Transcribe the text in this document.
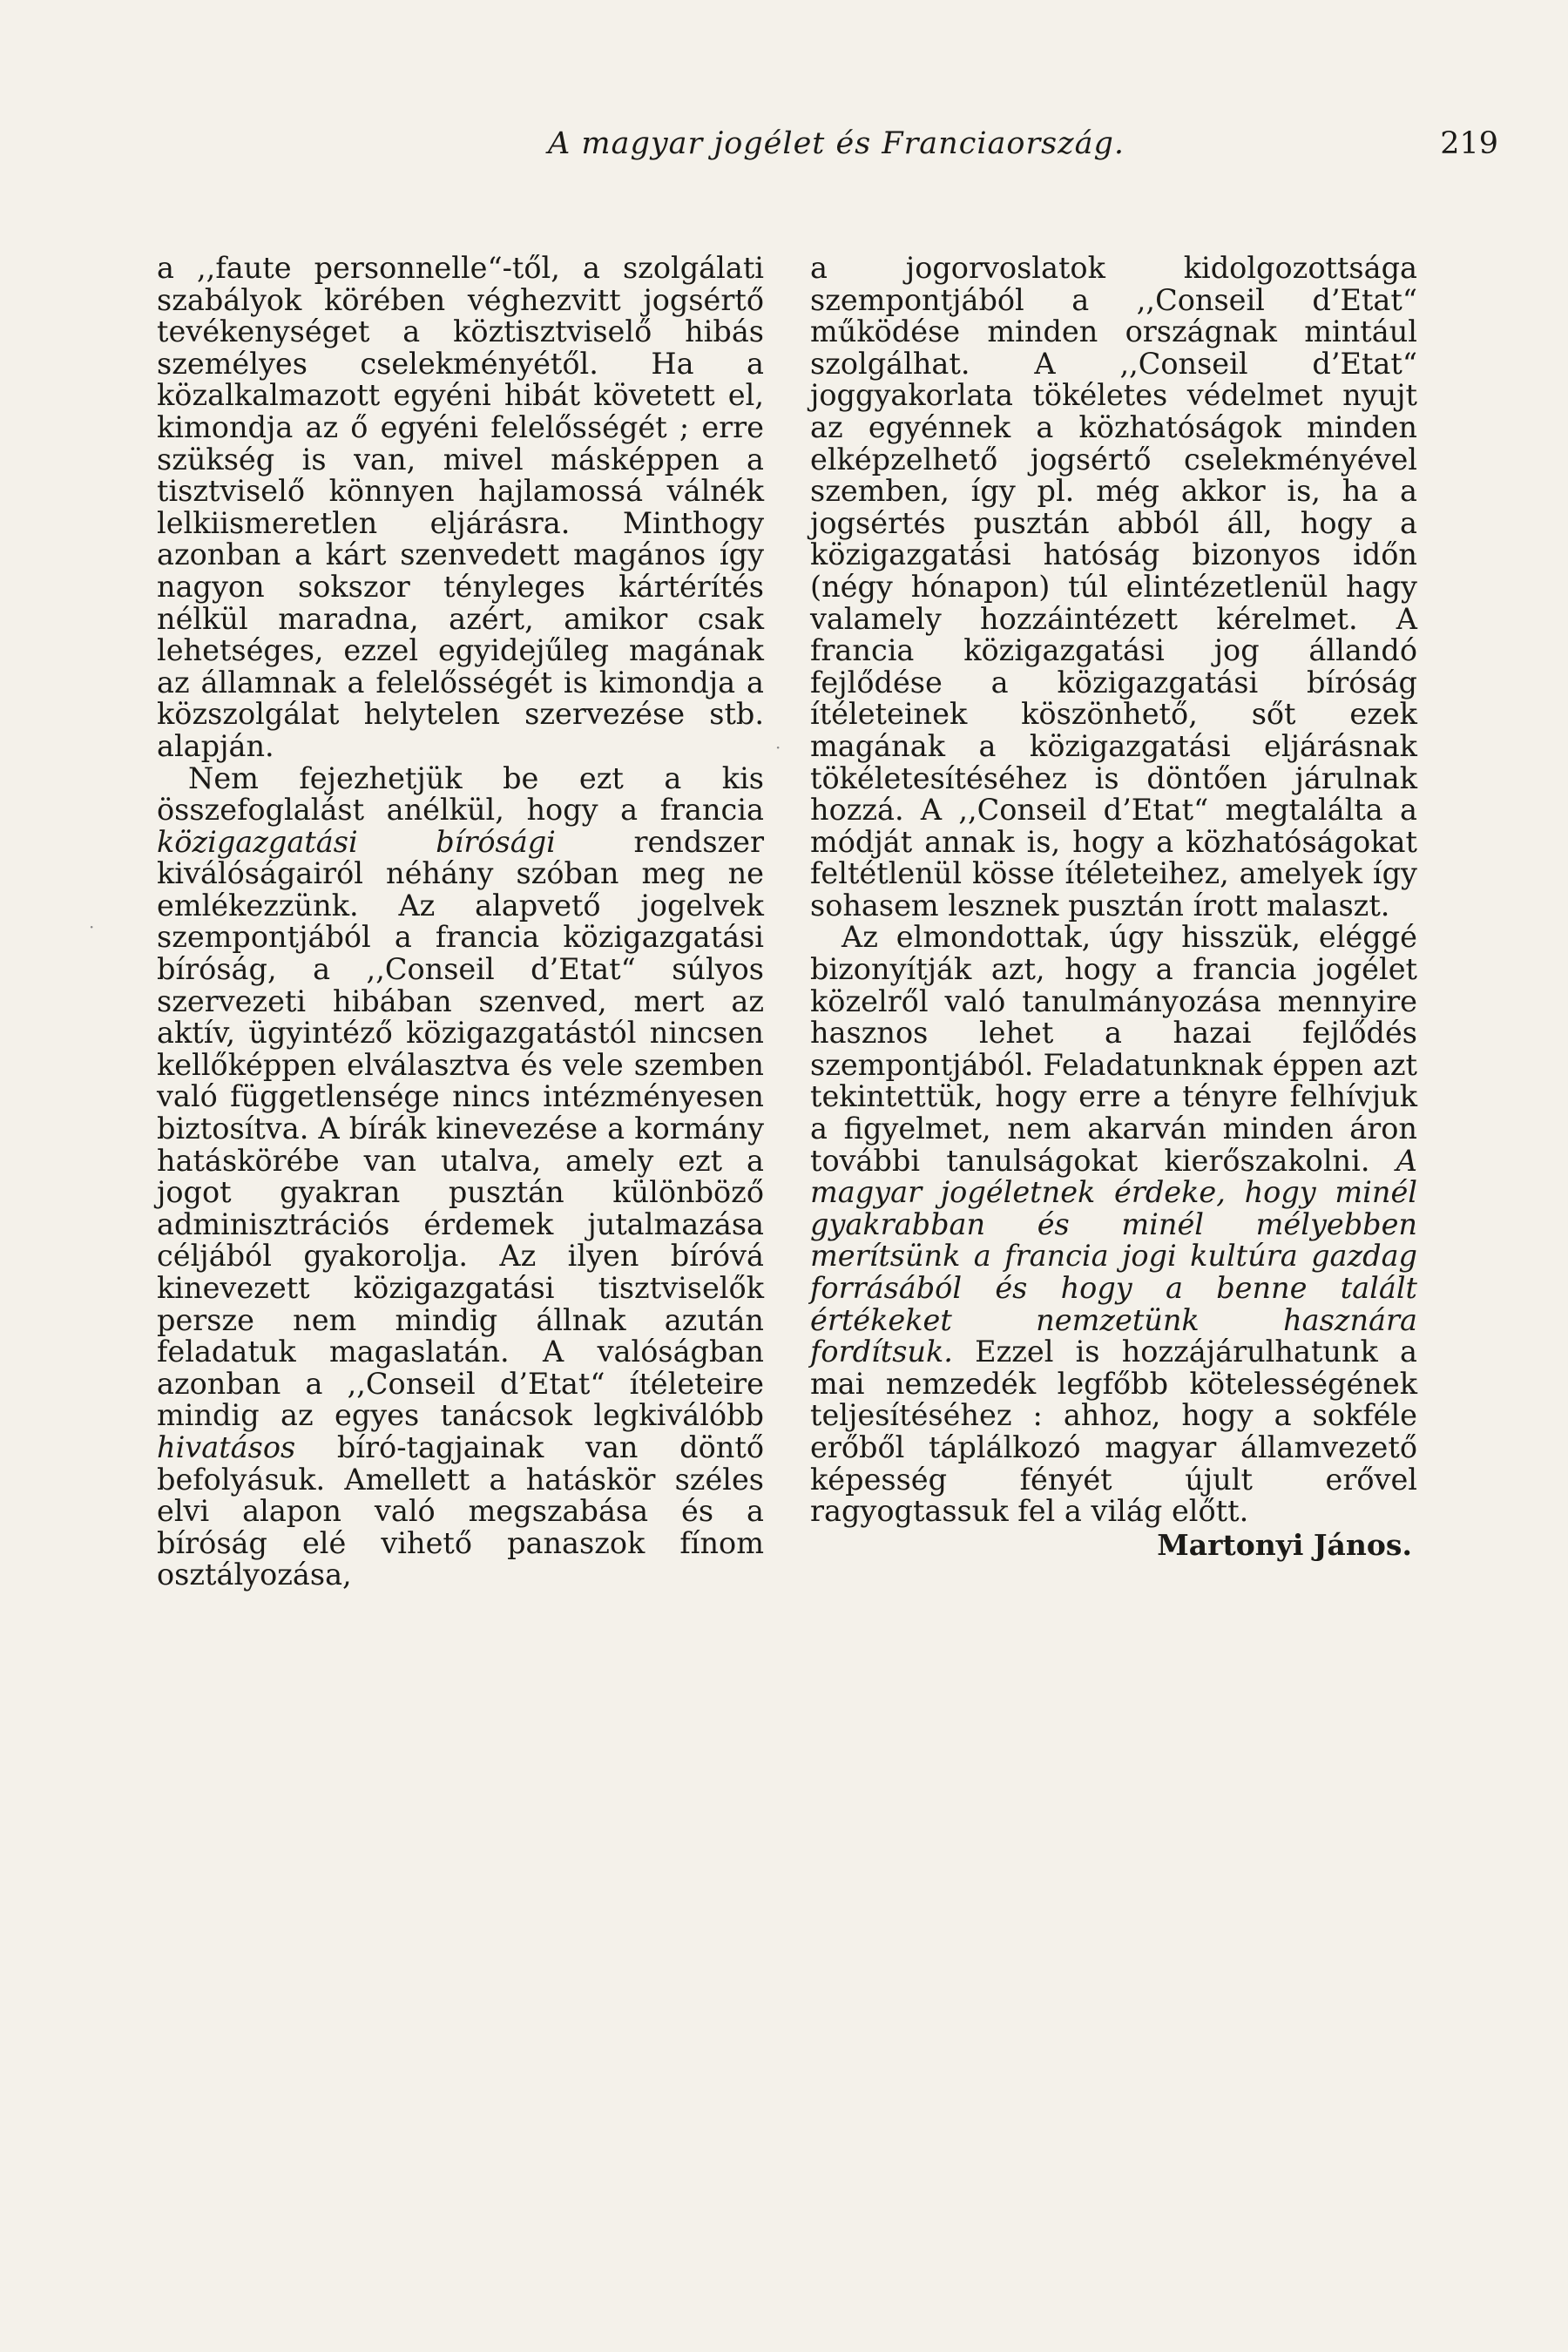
A magyar jogélet és Franciaország.	219

a ,,faute personnelle“-től, a szolgálati szabályok körében véghezvitt jogsértő tevékenységet a köztisztviselő hibás személyes cselekményétől. Ha a közalkalmazott egyéni hibát követett el, kimondja az ő egyéni felelősségét ; erre szükség is van, mivel másképpen a tisztviselő könnyen hajlamossá válnék lelkiismeretlen eljárásra. Minthogy azonban a kárt szenvedett magános így nagyon sokszor tényleges kártérítés nélkül maradna, azért, amikor csak lehetséges, ezzel egyidejűleg magának az államnak a felelősségét is kimondja a közszolgálat helytelen szervezése stb. alapján.

Nem fejezhetjük be ezt a kis összefoglalást anélkül, hogy a francia közigazgatási bírósági rendszer kiválóságairól néhány szóban meg ne emlékezzünk. Az alapvető jogelvek szempontjából a francia közigazgatási bíróság, a ,,Conseil d’Etat“ súlyos szervezeti hibában szenved, mert az aktív, ügyintéző közigazgatástól nincsen kellőképpen elválasztva és vele szemben való függetlensége nincs intézményesen biztosítva. A bírák kinevezése a kormány hatáskörébe van utalva, amely ezt a jogot gyakran pusztán különböző adminisztrációs érdemek jutalmazása céljából gyakorolja. Az ilyen bíróvá kinevezett közigazgatási tisztviselők persze nem mindig állnak azután feladatuk magaslatán. A valóságban azonban a ,,Conseil d’Etat“ ítéleteire mindig az egyes tanácsok legkiválóbb hivatásos bíró-tagjainak van döntő befolyásuk. Amellett a hatáskör széles elvi alapon való megszabása és a bíróság elé vihető panaszok fínom osztályozása,

a jogorvoslatok kidolgozottsága szempontjából a ,,Conseil d’Etat“ működése minden országnak mintául szolgálhat. A ,,Conseil d’Etat“ joggyakorlata tökéletes védelmet nyujt az egyénnek a közhatóságok minden elképzelhető jogsértő cselekményével szemben, így pl. még akkor is, ha a jogsértés pusztán abból áll, hogy a közigazgatási hatóság bizonyos időn (négy hónapon) túl elintézetlenül hagy valamely hozzáintézett kérelmet. A francia közigazgatási jog állandó fejlődése a közigazgatási bíróság ítéleteinek köszönhető, sőt ezek magának a közigazgatási eljárásnak tökéletesítéséhez is döntően járulnak hozzá. A ,,Conseil d’Etat“ megtalálta a módját annak is, hogy a közhatóságokat feltétlenül kösse ítéleteihez, amelyek így sohasem lesznek pusztán írott malaszt.

Az elmondottak, úgy hisszük, eléggé bizonyítják azt, hogy a francia jogélet közelről való tanulmányozása mennyire hasznos lehet a hazai fejlődés szempontjából. Feladatunknak éppen azt tekintettük, hogy erre a tényre felhívjuk a figyelmet, nem akarván minden áron további tanulságokat kierőszakolni. A magyar jogéletnek érdeke, hogy minél gyakrabban és minél mélyebben merítsünk a francia jogi kultúra gazdag forrásából és hogy a benne talált értékeket nemzetünk hasznára fordítsuk. Ezzel is hozzájárulhatunk a mai nemzedék legfőbb kötelességének teljesítéséhez : ahhoz, hogy a sokféle erőből táplálkozó magyar államvezető képesség fényét újult erővel ragyogtassuk fel a világ előtt.

Martonyi János.
·
·
